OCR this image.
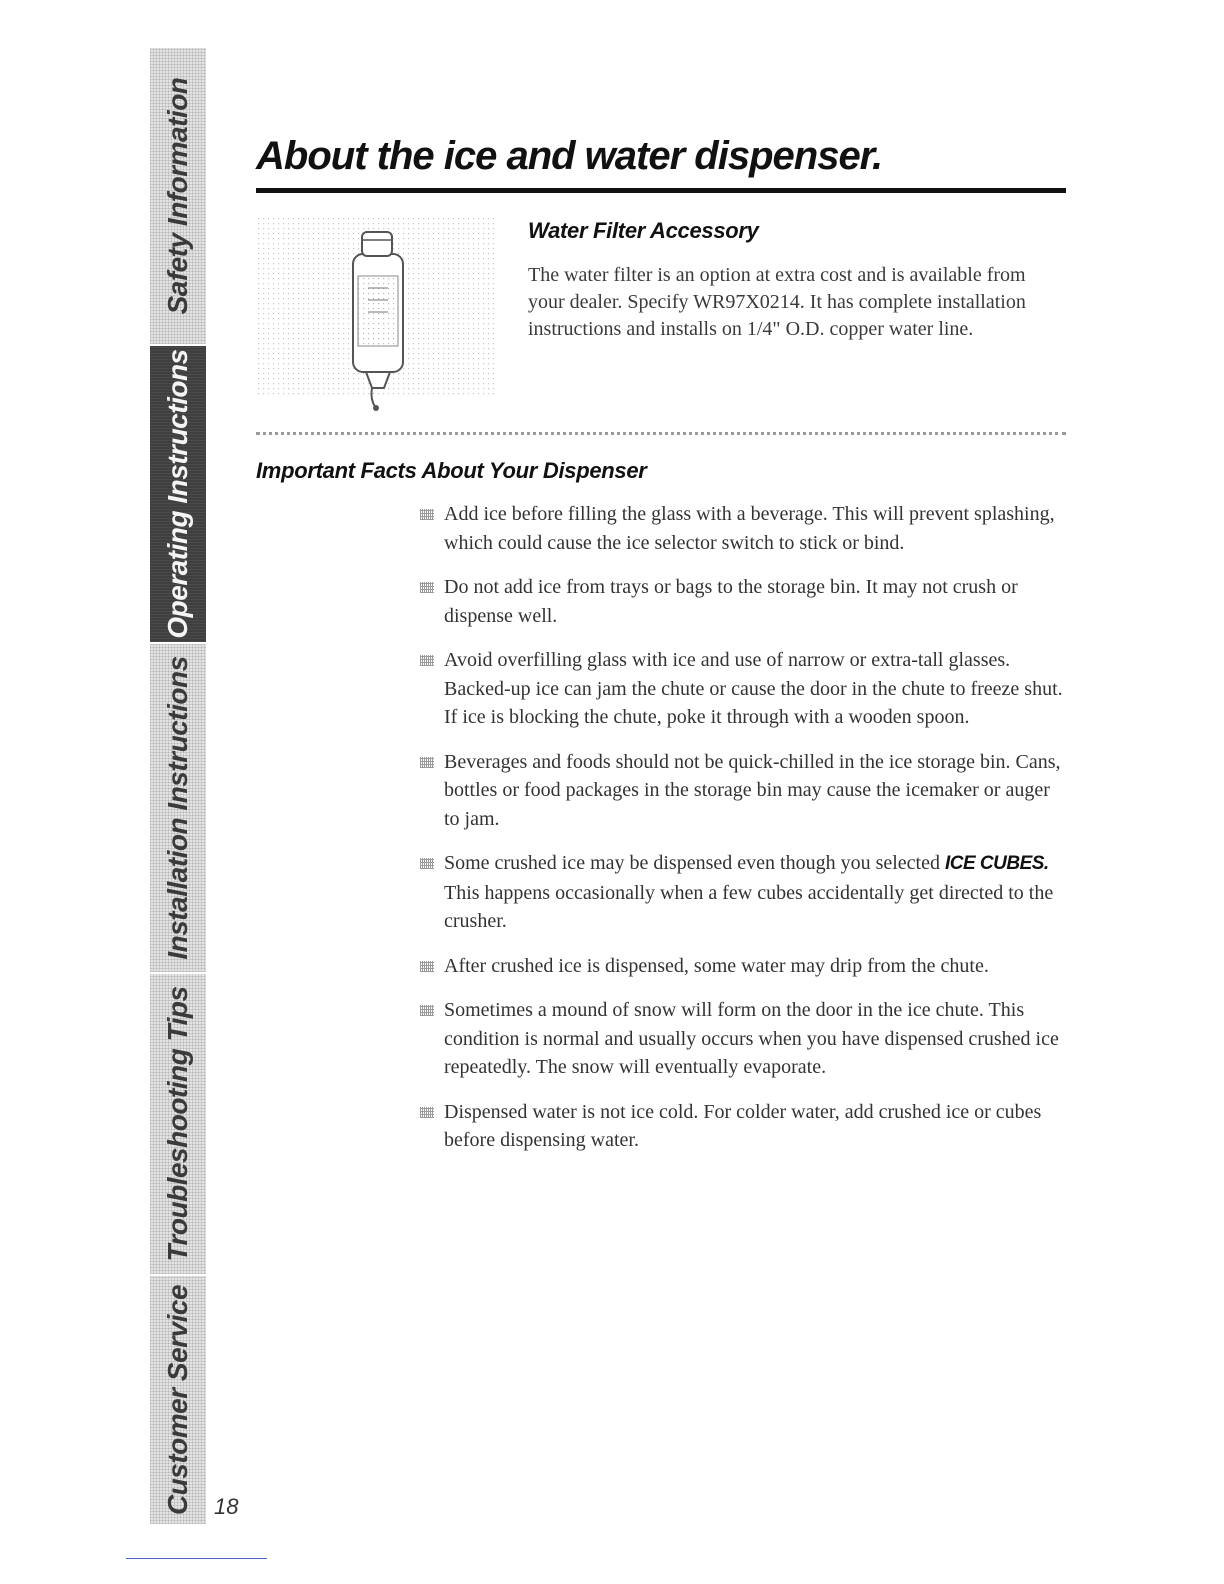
Safety Information
Operating Instructions
Installation Instructions
Troubleshooting Tips
Customer Service
About the ice and water dispenser.
Water Filter Accessory

The water filter is an option at extra cost and is available from your dealer. Specify WR97X0214. It has complete installation instructions and installs on 1/4" O.D. copper water line.

Important Facts About Your Dispenser
Add ice before filling the glass with a beverage. This will prevent splashing, which could cause the ice selector switch to stick or bind.
Do not add ice from trays or bags to the storage bin. It may not crush or dispense well.
Avoid overfilling glass with ice and use of narrow or extra-tall glasses. Backed-up ice can jam the chute or cause the door in the chute to freeze shut. If ice is blocking the chute, poke it through with a wooden spoon.
Beverages and foods should not be quick-chilled in the ice storage bin. Cans, bottles or food packages in the storage bin may cause the icemaker or auger to jam.
Some crushed ice may be dispensed even though you selected ICE CUBES. This happens occasionally when a few cubes accidentally get directed to the crusher.
After crushed ice is dispensed, some water may drip from the chute.
Sometimes a mound of snow will form on the door in the ice chute. This condition is normal and usually occurs when you have dispensed crushed ice repeatedly. The snow will eventually evaporate.
Dispensed water is not ice cold. For colder water, add crushed ice or cubes before dispensing water.
18
